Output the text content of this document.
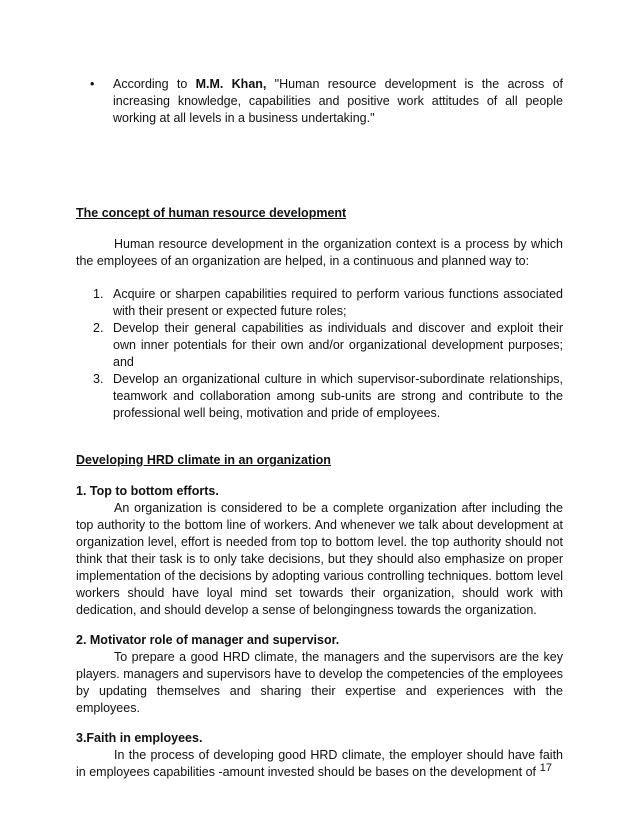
•	According to M.M. Khan, "Human resource development is the across of increasing knowledge, capabilities and positive work attitudes of all people working at all levels in a business undertaking."
The concept of human resource development
Human resource development in the organization context is a process by which the employees of an organization are helped, in a continuous and planned way to:
1. Acquire or sharpen capabilities required to perform various functions associated with their present or expected future roles;
2. Develop their general capabilities as individuals and discover and exploit their own inner potentials for their own and/or organizational development purposes; and
3. Develop an organizational culture in which supervisor-subordinate relationships, teamwork and collaboration among sub-units are strong and contribute to the professional well being, motivation and pride of employees.
Developing HRD climate in an organization
1. Top to bottom efforts.
An organization is considered to be a complete organization after including the top authority to the bottom line of workers. And whenever we talk about development at organization level, effort is needed from top to bottom level. the top authority should not think that their task is to only take decisions, but they should also emphasize on proper implementation of the decisions by adopting various controlling techniques. bottom level workers should have loyal mind set towards their organization, should work with dedication, and should develop a sense of belongingness towards the organization.
2. Motivator role of manager and supervisor.
To prepare a good HRD climate, the managers and the supervisors are the key players. managers and supervisors have to develop the competencies of the employees by updating themselves and sharing their expertise and experiences with the employees.
3.Faith in employees.
In the process of developing good HRD climate, the employer should have faith in employees capabilities -amount invested should be bases on the development of 17
